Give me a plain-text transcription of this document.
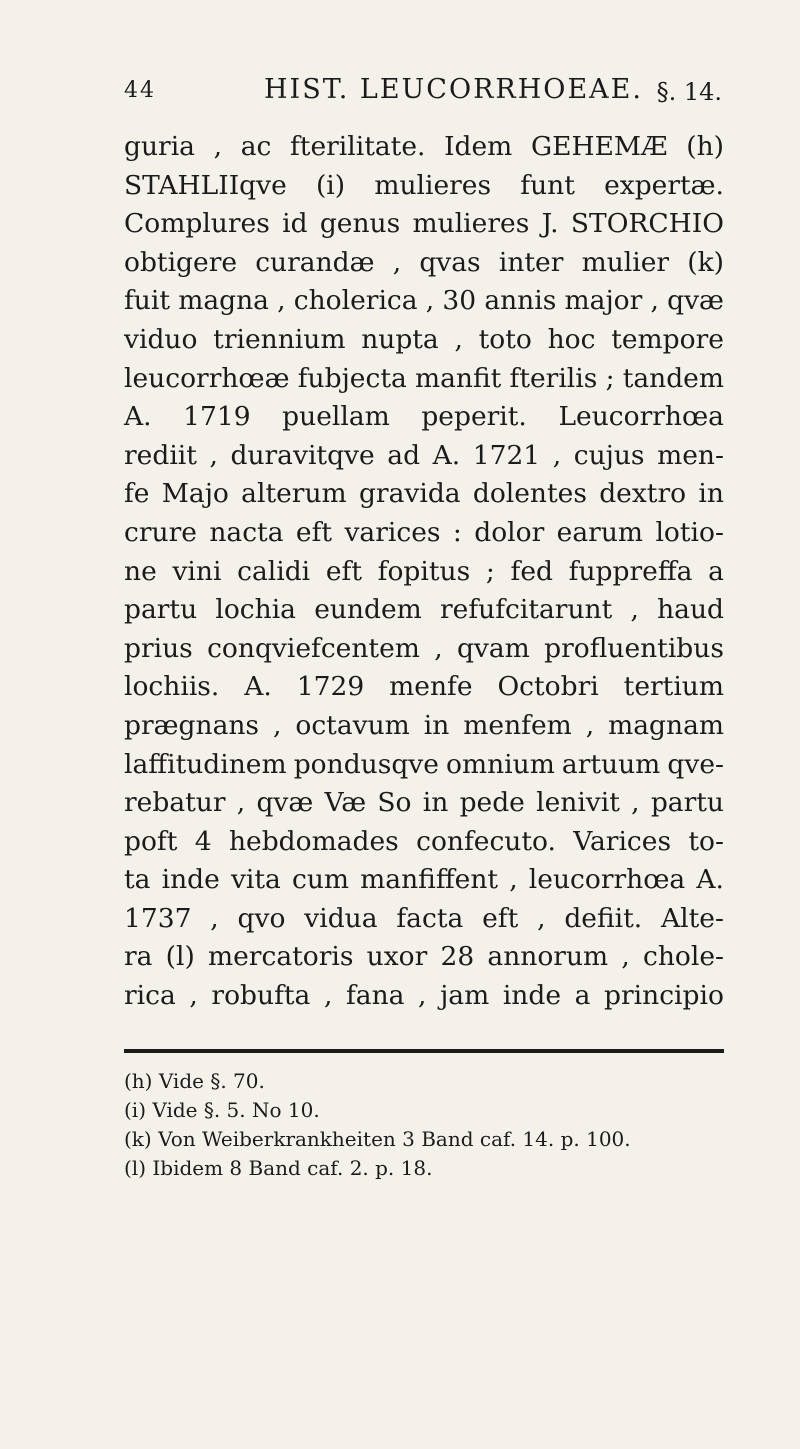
44	HIST. LEUCORRHOEAE. §. 14.
guria , ac fterilitate. Idem GEHEMÆ (h)
STAHLIIqve (i) mulieres funt expertæ.
Complures id genus mulieres J. STORCHIO
obtigere curandæ , qvas inter mulier (k)
fuit magna , cholerica , 30 annis major , qvæ
viduo triennium nupta , toto hoc tempore
leucorrhœæ fubjecta manfit fterilis ; tandem
A. 1719 puellam peperit. Leucorrhœa
rediit , duravitqve ad A. 1721 , cujus men-
fe Majo alterum gravida dolentes dextro in
crure nacta eft varices : dolor earum lotio-
ne vini calidi eft fopitus ; fed fuppreffa a
partu lochia eundem refufcitarunt , haud
prius conqviefcentem , qvam profluentibus
lochiis. A. 1729 menfe Octobri tertium
prægnans , octavum in menfem , magnam
laffitudinem pondusqve omnium artuum qve-
rebatur , qvæ Væ So in pede lenivit , partu
poft 4 hebdomades confecuto. Varices to-
ta inde vita cum manfiffent , leucorrhœa A.
1737 , qvo vidua facta eft , defiit. Alte-
ra (l) mercatoris uxor 28 annorum , chole-
rica , robufta , fana , jam inde a principio
(h) Vide §. 70.
(i) Vide §. 5. No 10.
(k) Von Weiberkrankheiten 3 Band caf. 14. p. 100.
(l) Ibidem 8 Band caf. 2. p. 18.
